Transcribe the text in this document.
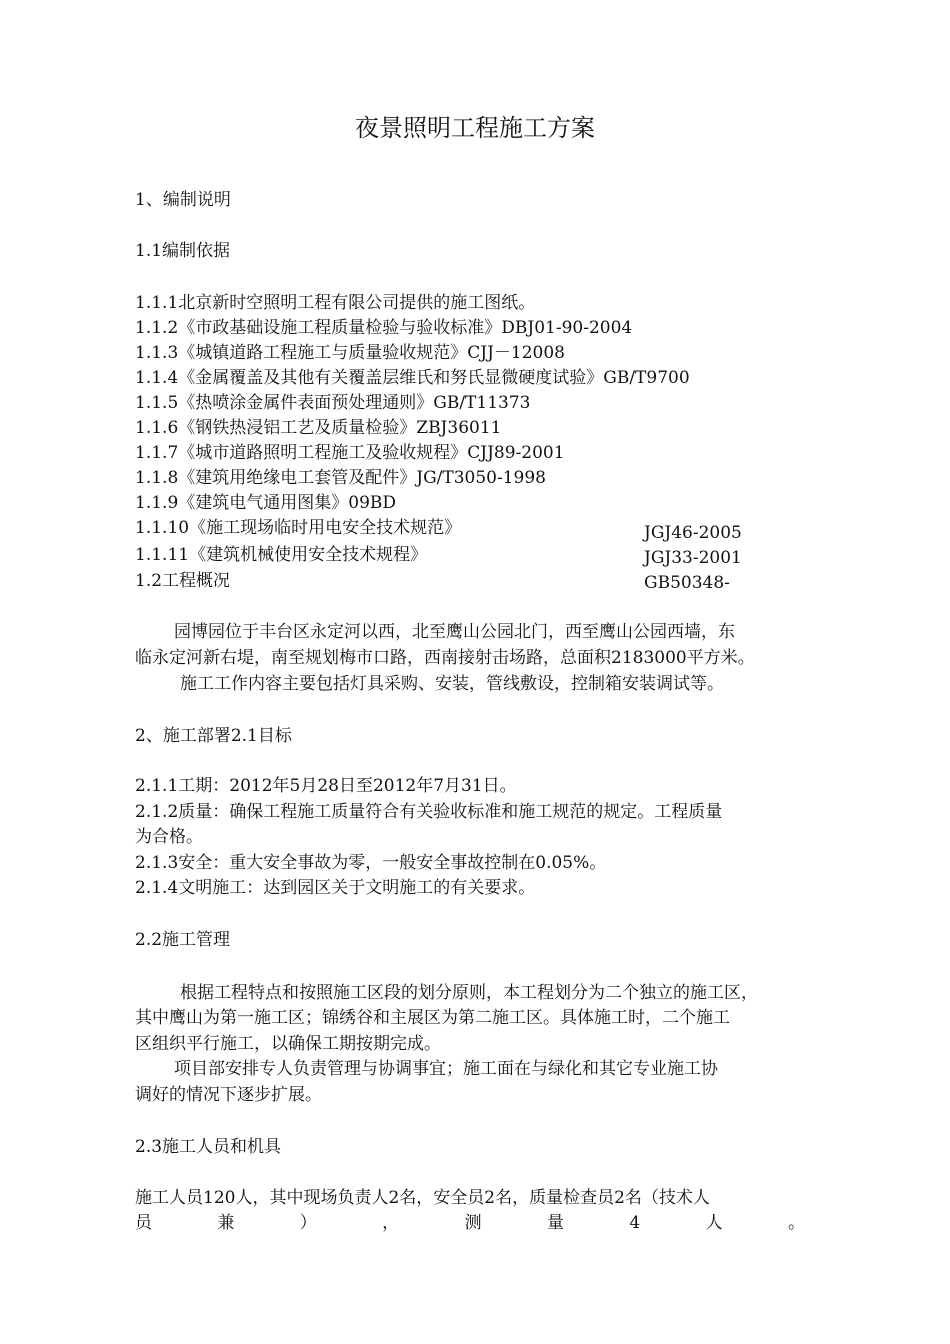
夜景照明工程施工方案
1、编制说明
1.1编制依据
1.1.1北京新时空照明工程有限公司提供的施工图纸。
1.1.2《市政基础设施工程质量检验与验收标准》DBJ01-90-2004
1.1.3《城镇道路工程施工与质量验收规范》CJJ－12008
1.1.4《金属覆盖及其他有关覆盖层维氏和努氏显微硬度试验》GB/T9700
1.1.5《热喷涂金属件表面预处理通则》GB/T11373
1.1.6《钢铁热浸铝工艺及质量检验》ZBJ36011
1.1.7《城市道路照明工程施工及验收规程》CJJ89-2001
1.1.8《建筑用绝缘电工套管及配件》JG/T3050-1998
1.1.9《建筑电气通用图集》09BD
1.1.10《施工现场临时用电安全技术规范》	JGJ46-2005
1.1.11《建筑机械使用安全技术规程》	JGJ33-2001
1.2工程概况	GB50348-
园博园位于丰台区永定河以西，北至鹰山公园北门，西至鹰山公园西墙，东
临永定河新右堤，南至规划梅市口路，西南接射击场路，总面积2183000平方米。
施工工作内容主要包括灯具采购、安装，管线敷设，控制箱安装调试等。
2、施工部署2.1目标
2.1.1工期：2012年5月28日至2012年7月31日。
2.1.2质量：确保工程施工质量符合有关验收标准和施工规范的规定。工程质量
为合格。
2.1.3安全：重大安全事故为零，一般安全事故控制在0.05%。
2.1.4文明施工：达到园区关于文明施工的有关要求。
2.2施工管理
根据工程特点和按照施工区段的划分原则，本工程划分为二个独立的施工区，
其中鹰山为第一施工区；锦绣谷和主展区为第二施工区。具体施工时，二个施工
区组织平行施工，以确保工期按期完成。
项目部安排专人负责管理与协调事宜；施工面在与绿化和其它专业施工协
调好的情况下逐步扩展。
2.3施工人员和机具
施工人员120人，其中现场负责人2名，安全员2名，质量检查员2名（技术人
员	兼	）	，	测	量	4	人	。
